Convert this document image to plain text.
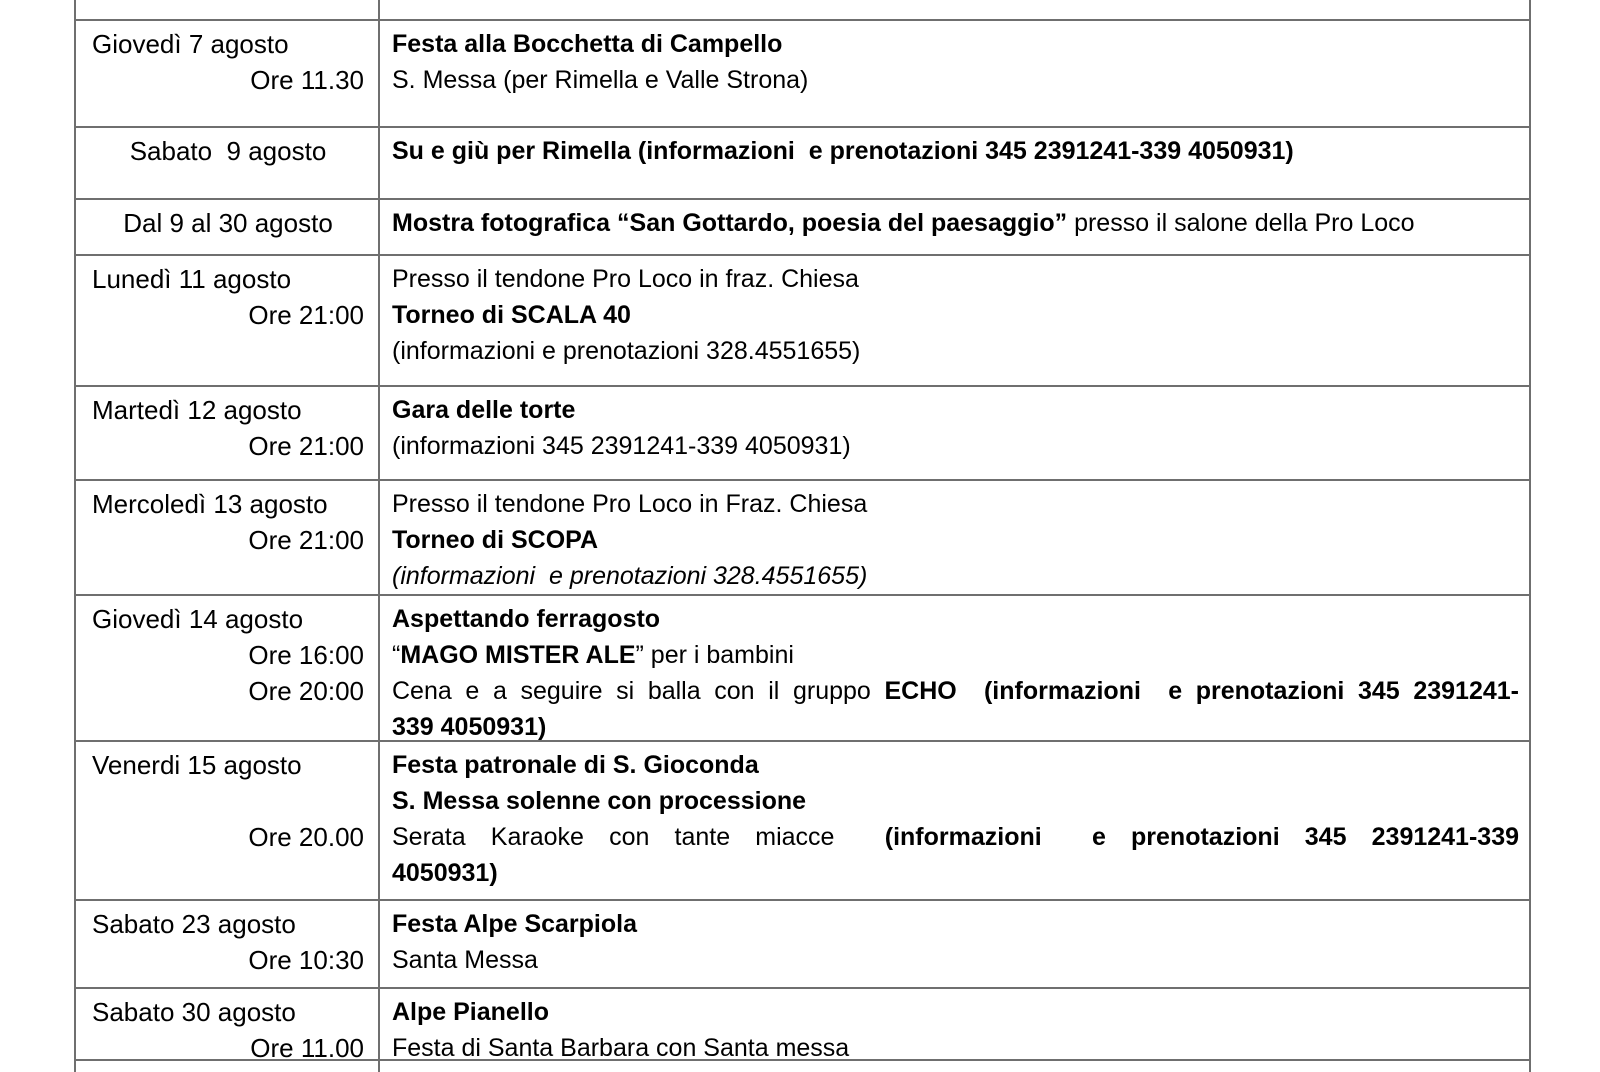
Giovedì 7 agosto
Ore 11.30
Festa alla Bocchetta di Campello
S. Messa (per Rimella e Valle Strona)
Sabato  9 agosto	Su e giù per Rimella (informazioni  e prenotazioni 345 2391241-339 4050931)
Dal 9 al 30 agosto	Mostra fotografica “San Gottardo, poesia del paesaggio” presso il salone della Pro Loco
Lunedì 11 agosto
Ore 21:00
Presso il tendone Pro Loco in fraz. Chiesa
Torneo di SCALA 40
(informazioni e prenotazioni 328.4551655)
Martedì 12 agosto
Ore 21:00
Gara delle torte
(informazioni 345 2391241-339 4050931)
Mercoledì 13 agosto
Ore 21:00
Presso il tendone Pro Loco in Fraz. Chiesa
Torneo di SCOPA
(informazioni  e prenotazioni 328.4551655)
Giovedì 14 agosto
Ore 16:00
Ore 20:00
Aspettando ferragosto
“MAGO MISTER ALE” per i bambini
Cena e a seguire si balla con il gruppo ECHO  (informazioni  e prenotazioni 345 2391241-
339 4050931)
Venerdi 15 agosto
Ore 20.00
Festa patronale di S. Gioconda
S. Messa solenne con processione
Serata Karaoke con tante miacce  (informazioni  e prenotazioni 345 2391241-339
4050931)
Sabato 23 agosto
Ore 10:30
Festa Alpe Scarpiola
Santa Messa
Sabato 30 agosto
Ore 11.00
Alpe Pianello
Festa di Santa Barbara con Santa messa
